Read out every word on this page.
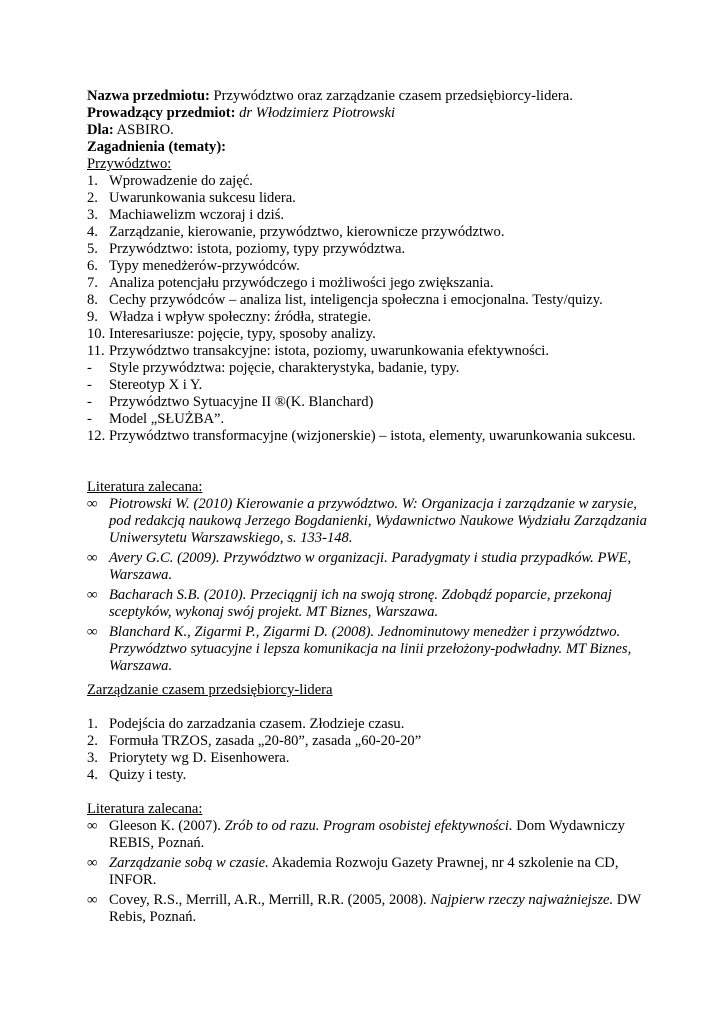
Nazwa przedmiotu: Przywództwo oraz zarządzanie czasem przedsiębiorcy-lidera.
Prowadzący przedmiot: dr Włodzimierz Piotrowski
Dla: ASBIRO.
Zagadnienia (tematy):
Przywództwo:
1. Wprowadzenie do zajęć.
2. Uwarunkowania sukcesu lidera.
3. Machiawelizm wczoraj i dziś.
4. Zarządzanie, kierowanie, przywództwo, kierownicze przywództwo.
5. Przywództwo: istota, poziomy, typy przywództwa.
6. Typy menedżerów-przywódców.
7. Analiza potencjału przywódczego i możliwości jego zwiększania.
8. Cechy przywódców – analiza list, inteligencja społeczna i emocjonalna. Testy/quizy.
9. Władza i wpływ społeczny: źródła, strategie.
10. Interesariusze: pojęcie, typy, sposoby analizy.
11. Przywództwo transakcyjne: istota, poziomy, uwarunkowania efektywności.
- Style przywództwa: pojęcie, charakterystyka, badanie, typy.
- Stereotyp X i Y.
- Przywództwo Sytuacyjne II ®(K. Blanchard)
- Model „SŁUŻBA”.
12. Przywództwo transformacyjne (wizjonerskie) – istota, elementy, uwarunkowania sukcesu.
Literatura zalecana:
∞ Piotrowski W. (2010) Kierowanie a przywództwo. W: Organizacja i zarządzanie w zarysie, pod redakcją naukową Jerzego Bogdanienki, Wydawnictwo Naukowe Wydziału Zarządzania Uniwersytetu Warszawskiego, s. 133-148.
∞ Avery G.C. (2009). Przywództwo w organizacji. Paradygmaty i studia przypadków. PWE, Warszawa.
∞ Bacharach S.B. (2010). Przeciągnij ich na swoją stronę. Zdobądź poparcie, przekonaj sceptyków, wykonaj swój projekt. MT Biznes, Warszawa.
∞ Blanchard K., Zigarmi P., Zigarmi D. (2008). Jednominutowy menedżer i przywództwo. Przywództwo sytuacyjne i lepsza komunikacja na linii przełożony-podwładny. MT Biznes, Warszawa.
Zarządzanie czasem przedsiębiorcy-lidera
1. Podejścia do zarzadzania czasem. Złodzieje czasu.
2. Formuła TRZOS, zasada „20-80”, zasada „60-20-20”
3. Priorytety wg D. Eisenhowera.
4. Quizy i testy.
Literatura zalecana:
∞ Gleeson K. (2007). Zrób to od razu. Program osobistej efektywności. Dom Wydawniczy REBIS, Poznań.
∞ Zarządzanie sobą w czasie. Akademia Rozwoju Gazety Prawnej, nr 4 szkolenie na CD, INFOR.
∞ Covey, R.S., Merrill, A.R., Merrill, R.R. (2005, 2008). Najpierw rzeczy najważniejsze. DW Rebis, Poznań.
